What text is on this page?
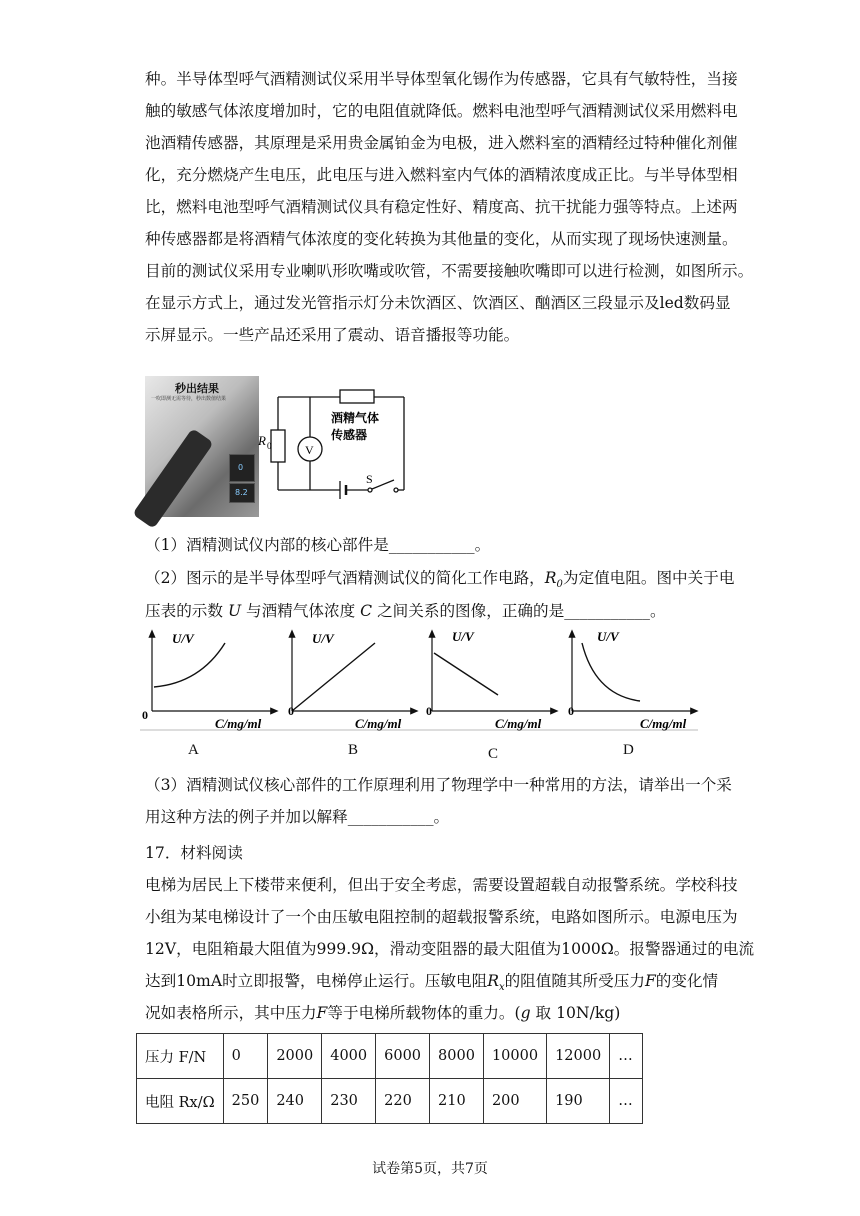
种。半导体型呼气酒精测试仪采用半导体型氧化锡作为传感器，它具有气敏特性，当接
触的敏感气体浓度增加时，它的电阻值就降低。燃料电池型呼气酒精测试仪采用燃料电
池酒精传感器，其原理是采用贵金属铂金为电极，进入燃料室的酒精经过特种催化剂催
化，充分燃烧产生电压，此电压与进入燃料室内气体的酒精浓度成正比。与半导体型相
比，燃料电池型呼气酒精测试仪具有稳定性好、精度高、抗干扰能力强等特点。上述两
种传感器都是将酒精气体浓度的变化转换为其他量的变化，从而实现了现场快速测量。
目前的测试仪采用专业喇叭形吹嘴或吹管，不需要接触吹嘴即可以进行检测，如图所示。
在显示方式上，通过发光管指示灯分未饮酒区、饮酒区、酗酒区三段显示及led数码显
示屏显示。一些产品还采用了震动、语音播报等功能。
秒出结果
一吹即测无需等待，秒出数值结果
0
8.2
R 0	V
酒精气体
传感器
S
（1）酒精测试仪内部的核心部件是___________。
（2）图示的是半导体型呼气酒精测试仪的简化工作电路，$R_0$为定值电阻。图中关于电
压表的示数 U 与酒精气体浓度 C 之间关系的图像，正确的是___________。
U/V	U/V	U/V	U/V
C/mg/ml	C/mg/ml	C/mg/ml	C/mg/ml
0	0	0	0
A	B	C	D
（3）酒精测试仪核心部件的工作原理利用了物理学中一种常用的方法，请举出一个采
用这种方法的例子并加以解释___________。
17．材料阅读
电梯为居民上下楼带来便利，但出于安全考虑，需要设置超载自动报警系统。学校科技
小组为某电梯设计了一个由压敏电阻控制的超载报警系统，电路如图所示。电源电压为
12V，电阻箱最大阻值为999.9Ω，滑动变阻器的最大阻值为1000Ω。报警器通过的电流
达到10mA时立即报警，电梯停止运行。压敏电阻$R_x$的阻值随其所受压力F的变化情
况如表格所示，其中压力F等于电梯所载物体的重力。(g 取 10N/kg)
压力 F/N	0	2000	4000	6000	8000	10000	12000	…
电阻 Rx/Ω	250	240	230	220	210	200	190	…
试卷第5页，共7页
